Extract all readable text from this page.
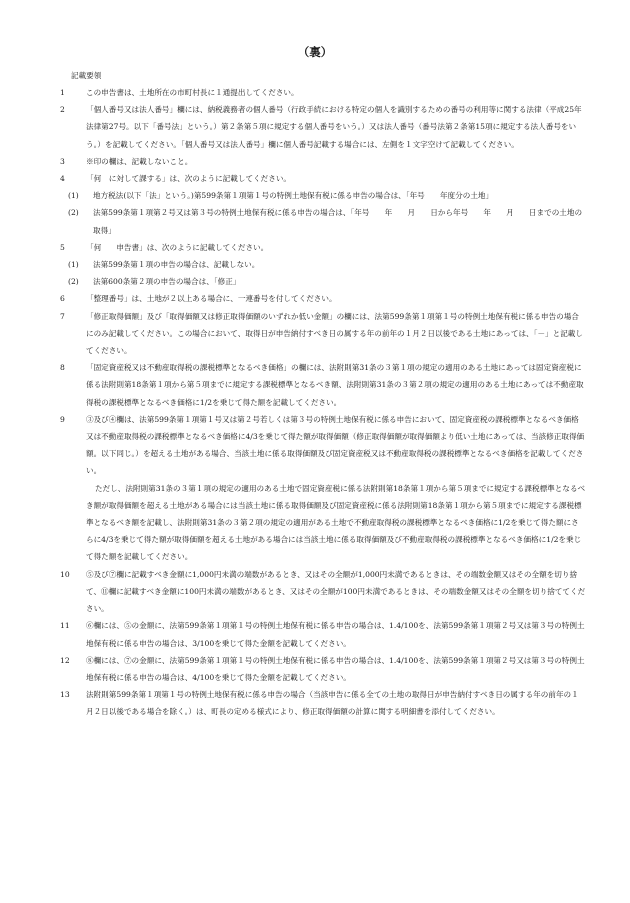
（裏）
記載要領
1	この申告書は、土地所在の市町村長に１通提出してください。
2	「個人番号又は法人番号」欄には、納税義務者の個人番号（行政手続における特定の個人を識別するための番号の利用等に関する法律（平成25年法律第27号。以下「番号法」という。）第２条第５項に規定する個人番号をいう。）又は法人番号（番号法第２条第15項に規定する法人番号をいう。）を記載してください。「個人番号又は法人番号」欄に個人番号記載する場合には、左側を１文字空けて記載してください。
3	※印の欄は、記載しないこと。
4	「何　に対して課する」は、次のように記載してください。
(1) 地方税法(以下「法」という。)第599条第１項第１号の特例土地保有税に係る申告の場合は、「年号　　年度分の土地」
(2) 法第599条第１項第２号又は第３号の特例土地保有税に係る申告の場合は、「年号　　年　　月　　日から年号　　年　　月　　日までの土地の取得」
5	「何　　申告書」は、次のように記載してください。
(1) 法第599条第１項の申告の場合は、記載しない。
(2) 法第600条第２項の申告の場合は、「修正」
6	「整理番号」は、土地が２以上ある場合に、一連番号を付してください。
7	「修正取得価額」及び「取得価額又は修正取得価額のいずれか低い金額」の欄には、法第599条第１項第１号の特例土地保有税に係る申告の場合にのみ記載してください。この場合において、取得日が申告納付すべき日の属する年の前年の１月２日以後である土地にあっては、「－」と記載してください。
8	「固定資産税又は不動産取得税の課税標準となるべき価格」の欄には、法附則第31条の３第１項の規定の適用のある土地にあっては固定資産税に係る法附則第18条第１項から第５項までに規定する課税標準となるべき額、法附則第31条の３第２項の規定の適用のある土地にあっては不動産取得税の課税標準となるべき価格に1/2を乗じて得た額を記載してください。
9	③及び④欄は、法第599条第１項第１号又は第２号若しくは第３号の特例土地保有税に係る申告において、固定資産税の課税標準となるべき価格又は不動産取得税の課税標準となるべき価格に4/3を乗じて得た額が取得価額（修正取得価額が取得価額より低い土地にあっては、当該修正取得価額。以下同じ。）を超える土地がある場合、当該土地に係る取得価額及び固定資産税又は不動産取得税の課税標準となるべき価格を記載してください。
ただし、法附則第31条の３第１項の規定の適用のある土地で固定資産税に係る法附則第18条第１項から第５項までに規定する課税標準となるべき額が取得価額を超える土地がある場合には当該土地に係る取得価額及び固定資産税に係る法附則第18条第１項から第５項までに規定する課税標準となるべき額を記載し、法附則第31条の３第２項の規定の適用がある土地で不動産取得税の課税標準となるべき価格に1/2を乗じて得た額にさらに4/3を乗じて得た額が取得価額を超える土地がある場合には当該土地に係る取得価額及び不動産取得税の課税標準となるべき価格に1/2を乗じて得た額を記載してください。
10 ⑤及び⑦欄に記載すべき金額に1,000円未満の端数があるとき、又はその全額が1,000円未満であるときは、その端数金額又はその全額を切り捨て、⑪欄に記載すべき金額に100円未満の端数があるとき、又はその全額が100円未満であるときは、その端数金額又はその全額を切り捨ててください。
11 ⑥欄には、⑤の金額に、法第599条第１項第１号の特例土地保有税に係る申告の場合は、1.4/100を、法第599条第１項第２号又は第３号の特例土地保有税に係る申告の場合は、3/100を乗じて得た金額を記載してください。
12 ⑧欄には、⑦の金額に、法第599条第１項第１号の特例土地保有税に係る申告の場合は、1.4/100を、法第599条第１項第２号又は第３号の特例土地保有税に係る申告の場合は、4/100を乗じて得た金額を記載してください。
13 法附則第599条第１項第１号の特例土地保有税に係る申告の場合（当該申告に係る全ての土地の取得日が申告納付すべき日の属する年の前年の１月２日以後である場合を除く。）は、町長の定める様式により、修正取得価額の計算に関する明細書を添付してください。
